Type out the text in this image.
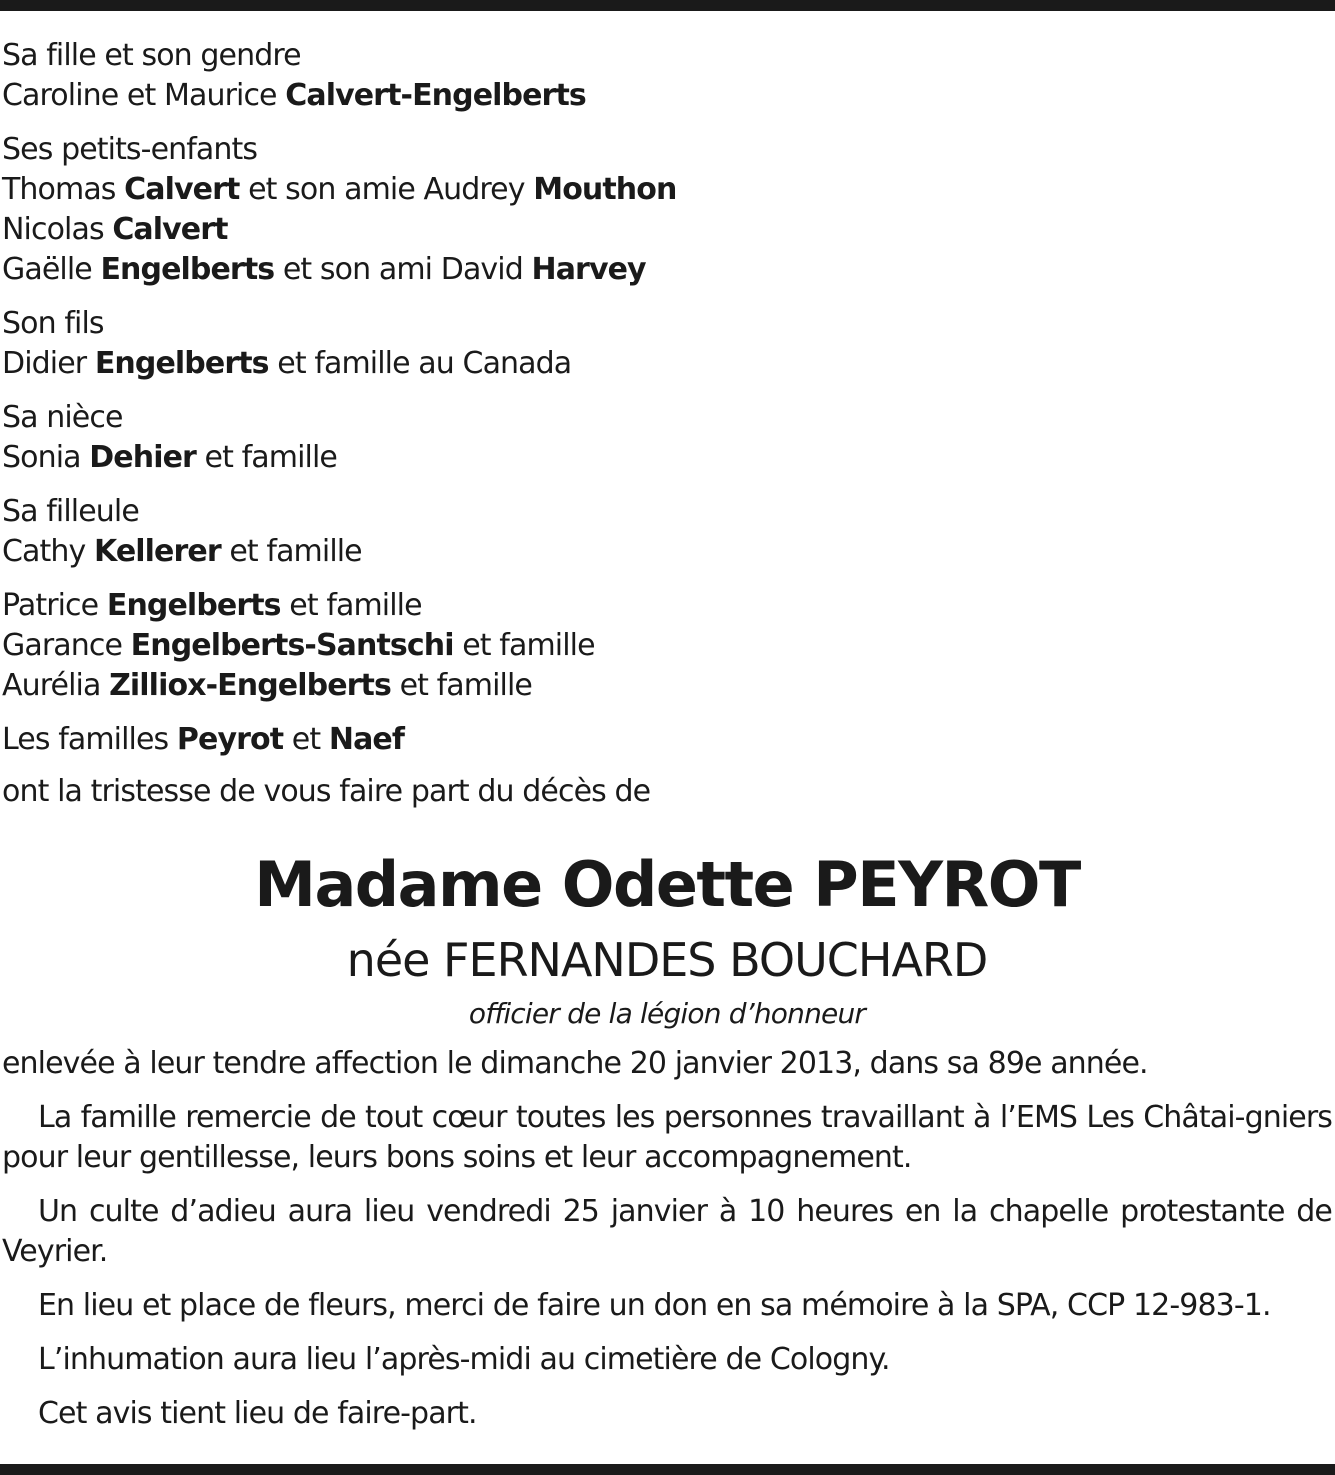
Sa fille et son gendre
Caroline et Maurice Calvert-Engelberts
Ses petits-enfants
Thomas Calvert et son amie Audrey Mouthon
Nicolas Calvert
Gaëlle Engelberts et son ami David Harvey
Son fils
Didier Engelberts et famille au Canada
Sa nièce
Sonia Dehier et famille
Sa filleule
Cathy Kellerer et famille
Patrice Engelberts et famille
Garance Engelberts-Santschi et famille
Aurélia Zilliox-Engelberts et famille
Les familles Peyrot et Naef
ont la tristesse de vous faire part du décès de
Madame Odette PEYROT
née FERNANDES BOUCHARD
officier de la légion d’honneur
enlevée à leur tendre affection le dimanche 20 janvier 2013, dans sa 89e année.
La famille remercie de tout cœur toutes les personnes travaillant à l’EMS Les Châtai-gniers pour leur gentillesse, leurs bons soins et leur accompagnement.
Un culte d’adieu aura lieu vendredi 25 janvier à 10 heures en la chapelle protestante de Veyrier.
En lieu et place de fleurs, merci de faire un don en sa mémoire à la SPA, CCP 12-983-1.
L’inhumation aura lieu l’après-midi au cimetière de Cologny.
Cet avis tient lieu de faire-part.
